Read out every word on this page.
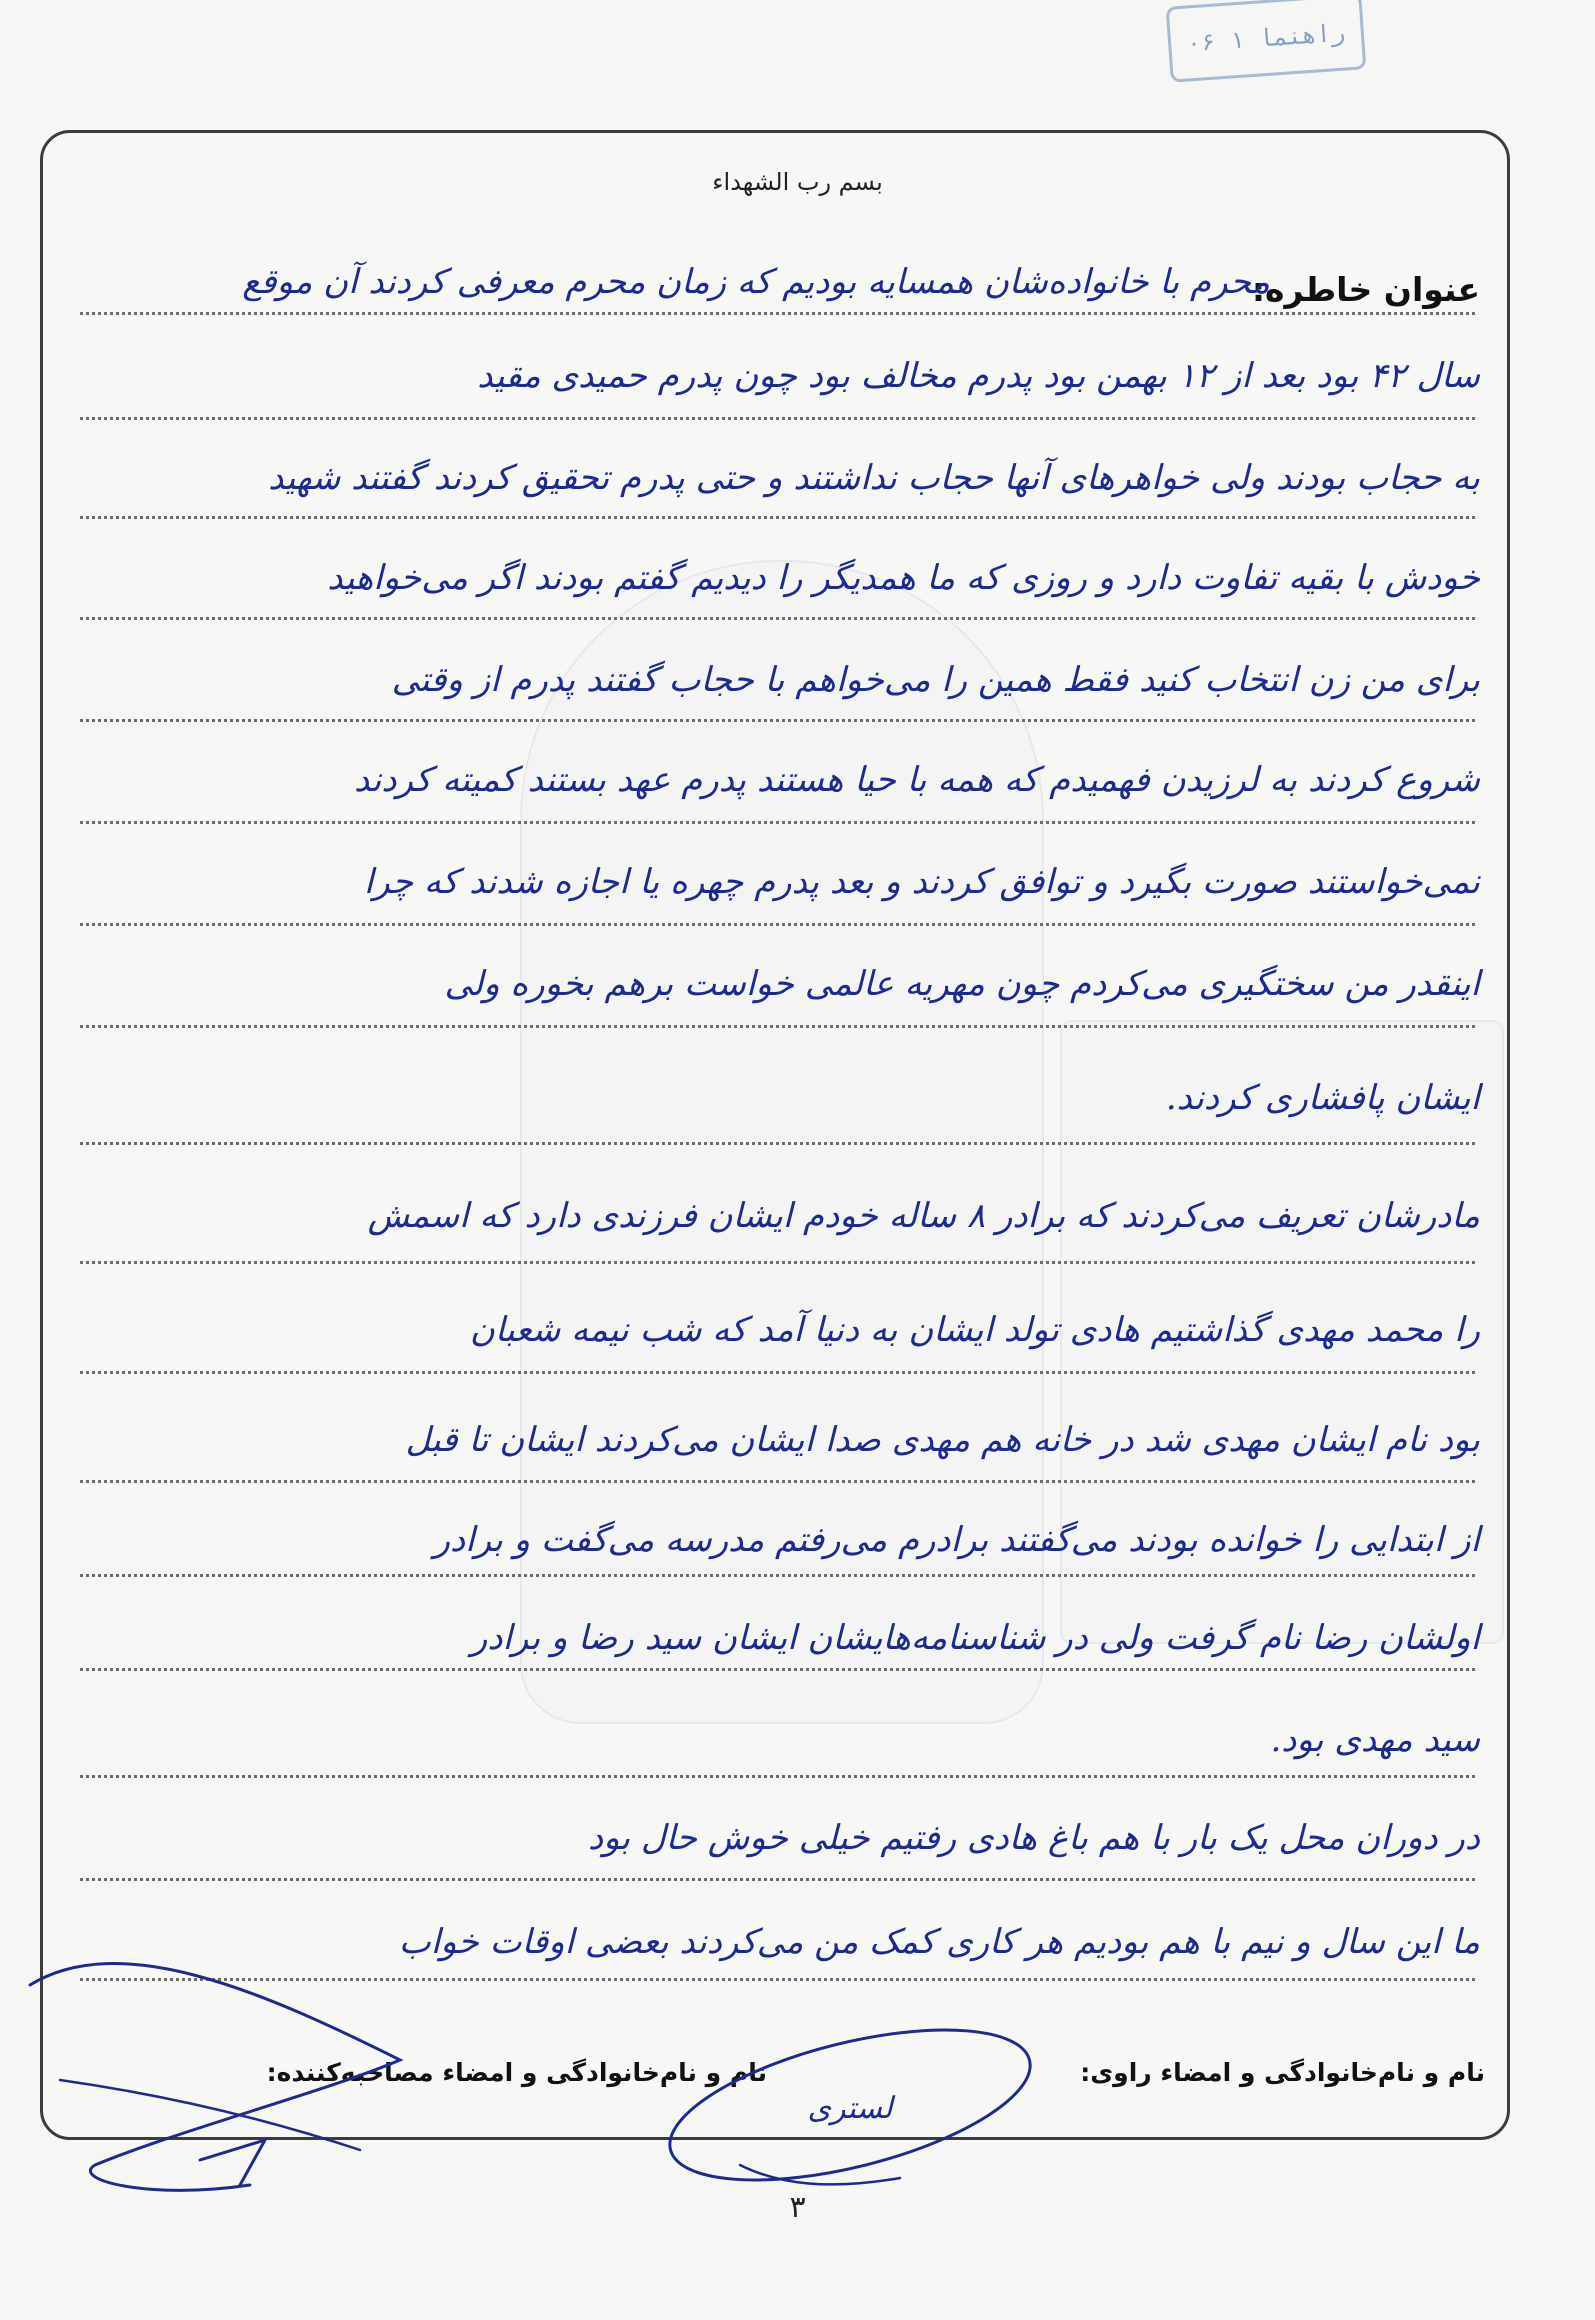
۰۶ راهنما ۱
بسم رب الشهداء
عنوان خاطره:
محرم با خانواده‌شان همسایه بودیم که زمان محرم معرفی کردند آن موقع
سال ۴۲ بود بعد از ۱۲ بهمن بود پدرم مخالف بود چون پدرم حمیدی مقید
به حجاب بودند ولی خواهرهای آنها حجاب نداشتند و حتی پدرم تحقیق کردند گفتند شهید
خودش با بقیه تفاوت دارد و روزی که ما همدیگر را دیدیم گفتم بودند اگر می‌خواهید
برای من زن انتخاب کنید فقط همین را می‌خواهم با حجاب گفتند پدرم از وقتی
شروع کردند به لرزیدن فهمیدم که همه با حیا هستند پدرم عهد بستند کمیته کردند
نمی‌خواستند صورت بگیرد و توافق کردند و بعد پدرم چهره یا اجازه شدند که چرا
اینقدر من سختگیری می‌کردم چون مهریه عالمی خواست برهم بخوره ولی
ایشان پافشاری کردند.
مادرشان تعریف می‌کردند که برادر ۸ ساله خودم ایشان فرزندی دارد که اسمش
را محمد مهدی گذاشتیم هادی تولد ایشان به دنیا آمد که شب نیمه شعبان
بود نام ایشان مهدی شد در خانه هم مهدی صدا ایشان می‌کردند ایشان تا قبل
از ابتدایی را خوانده بودند می‌گفتند برادرم می‌رفتم مدرسه می‌گفت و برادر
اولشان رضا نام گرفت ولی در شناسنامه‌هایشان ایشان سید رضا و برادر
سید مهدی بود.
در دوران محل یک بار با هم باغ هادی رفتیم خیلی خوش حال بود
ما این سال و نیم با هم بودیم هر کاری کمک من می‌کردند بعضی اوقات خواب
نام و نام‌خانوادگی و امضاء مصاحبه‌کننده:	نام و نام‌خانوادگی و امضاء راوی:
لسترى
۳
